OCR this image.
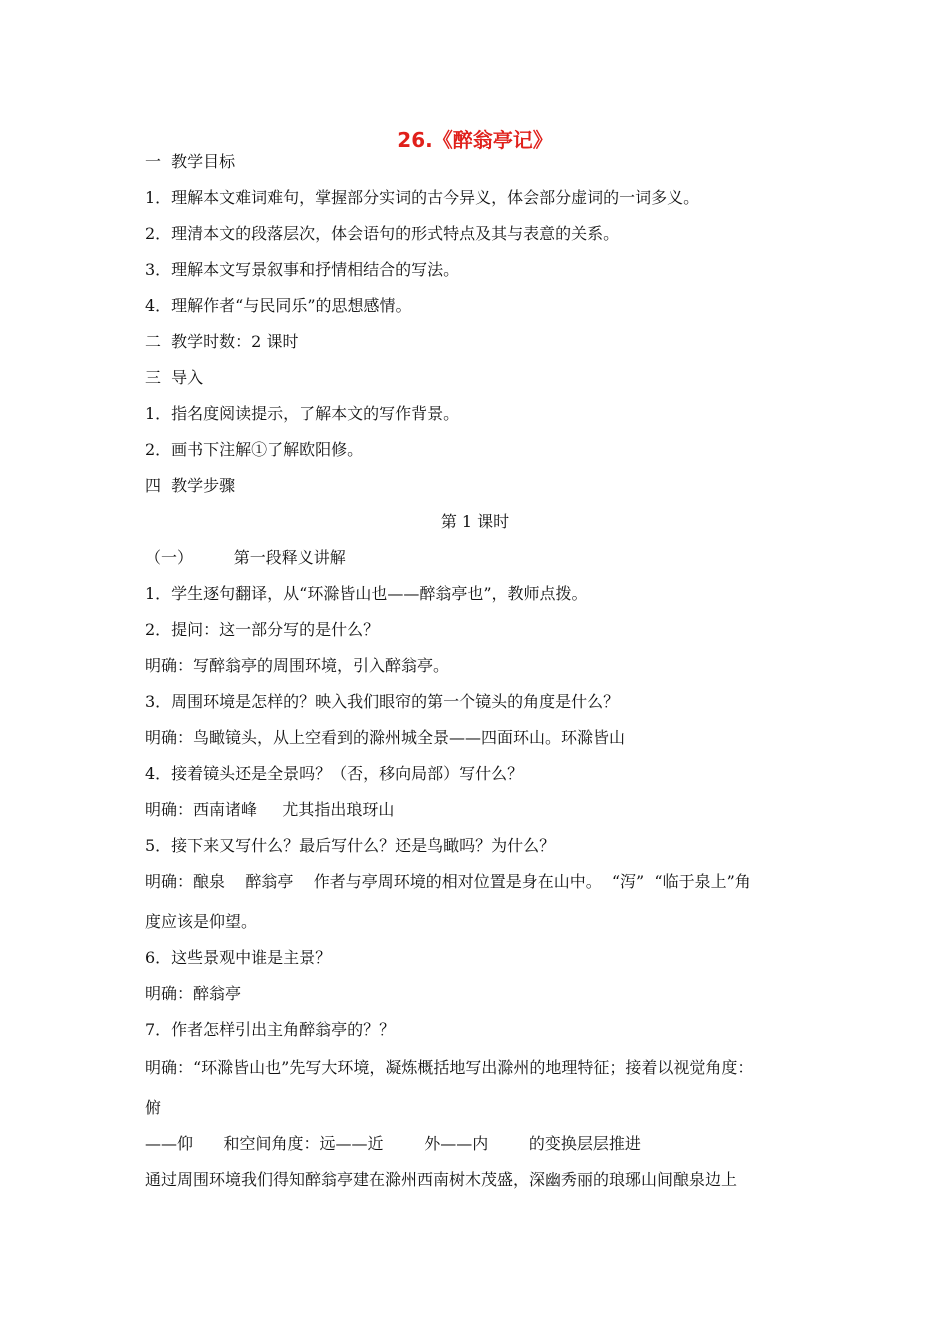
26.《醉翁亭记》
一  教学目标
1．理解本文难词难句，掌握部分实词的古今异义，体会部分虚词的一词多义。
2．理清本文的段落层次，体会语句的形式特点及其与表意的关系。
3．理解本文写景叙事和抒情相结合的写法。
4．理解作者“与民同乐”的思想感情。
二  教学时数：2 课时
三  导入
1．指名度阅读提示，了解本文的写作背景。
2．画书下注解①了解欧阳修。
四  教学步骤
第 1 课时
（一）        第一段释义讲解
1．学生逐句翻译，从“环滁皆山也——醉翁亭也”，教师点拨。
2．提问：这一部分写的是什么？
明确：写醉翁亭的周围环境，引入醉翁亭。
3．周围环境是怎样的？映入我们眼帘的第一个镜头的角度是什么？
明确：鸟瞰镜头，从上空看到的滁州城全景——四面环山。环滁皆山
4．接着镜头还是全景吗？（否，移向局部）写什么？
明确：西南诸峰     尤其指出琅玡山
5．接下来又写什么？最后写什么？还是鸟瞰吗？为什么？
明确：酿泉    醉翁亭    作者与亭周环境的相对位置是身在山中。  “泻”  “临于泉上”角
度应该是仰望。
6．这些景观中谁是主景？
明确：醉翁亭
7．作者怎样引出主角醉翁亭的？？
明确：“环滁皆山也”先写大环境，凝炼概括地写出滁州的地理特征；接着以视觉角度：
俯
——仰      和空间角度：远——近        外——内        的变换层层推进
通过周围环境我们得知醉翁亭建在滁州西南树木茂盛，深幽秀丽的琅琊山间酿泉边上
